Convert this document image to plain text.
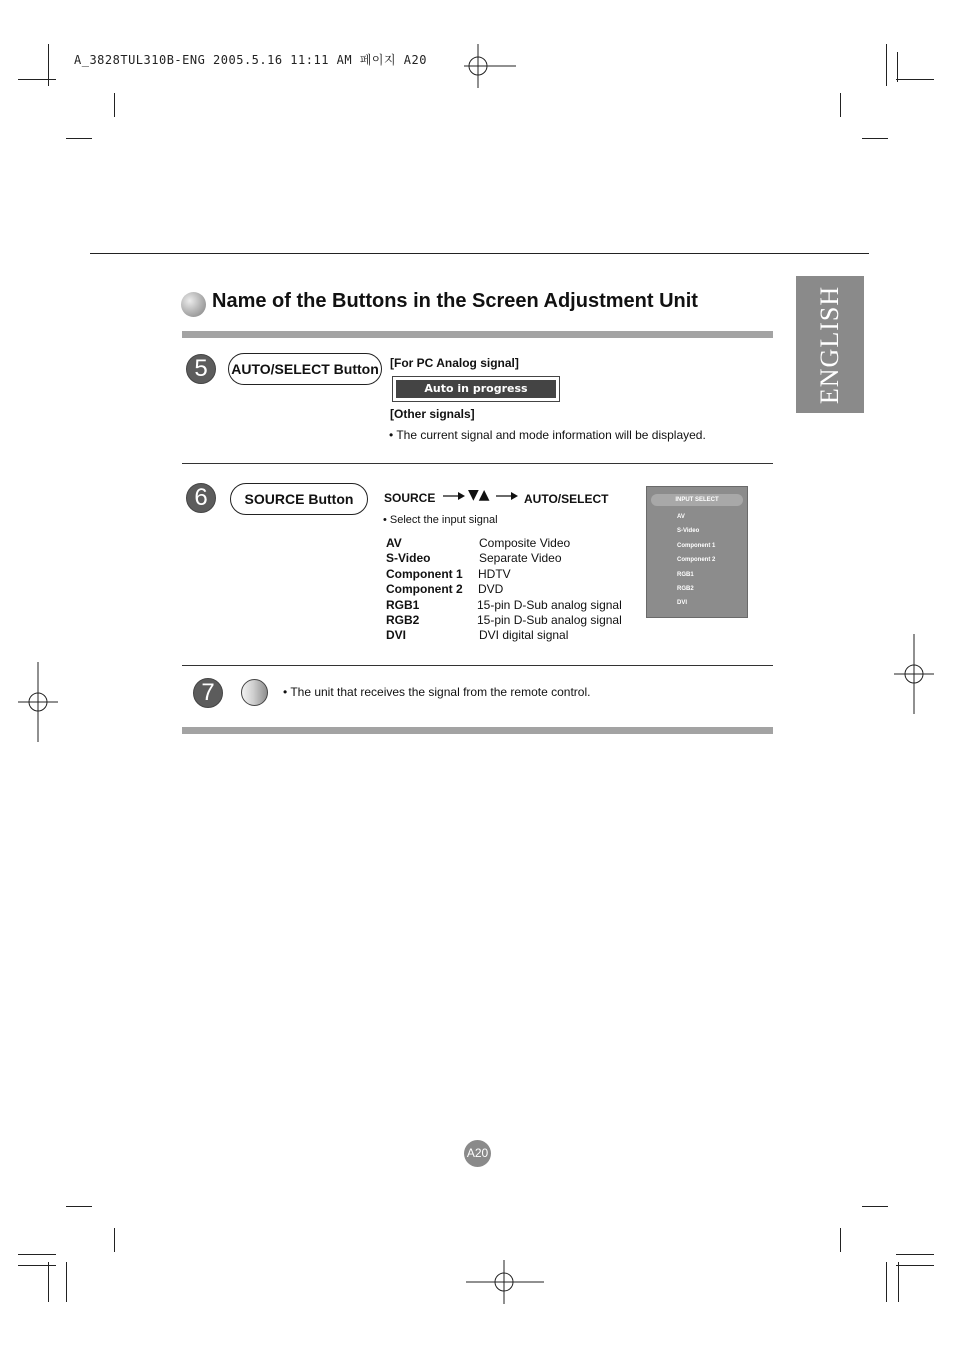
A_3828TUL310B-ENG 2005.5.16 11:11 AM 페이지 A20
ENGLISH
Name of the Buttons in the Screen Adjustment Unit
5	AUTO/SELECT Button [For PC Analog signal]
Auto in progress
[Other signals]
• The current signal and mode information will be displayed.
6	SOURCE Button	SOURCE ▼▲	AUTO/SELECT
• Select the input signal
AV	Composite Video
S-Video	Separate Video
Component 1 HDTV
Component 2 DVD
RGB1	15-pin D-Sub analog signal
RGB2	15-pin D-Sub analog signal
DVI	DVI digital signal
INPUT SELECT
AV
S-Video
Component 1
Component 2
RGB1
RGB2
DVI
7	• The unit that receives the signal from the remote control.
A20
